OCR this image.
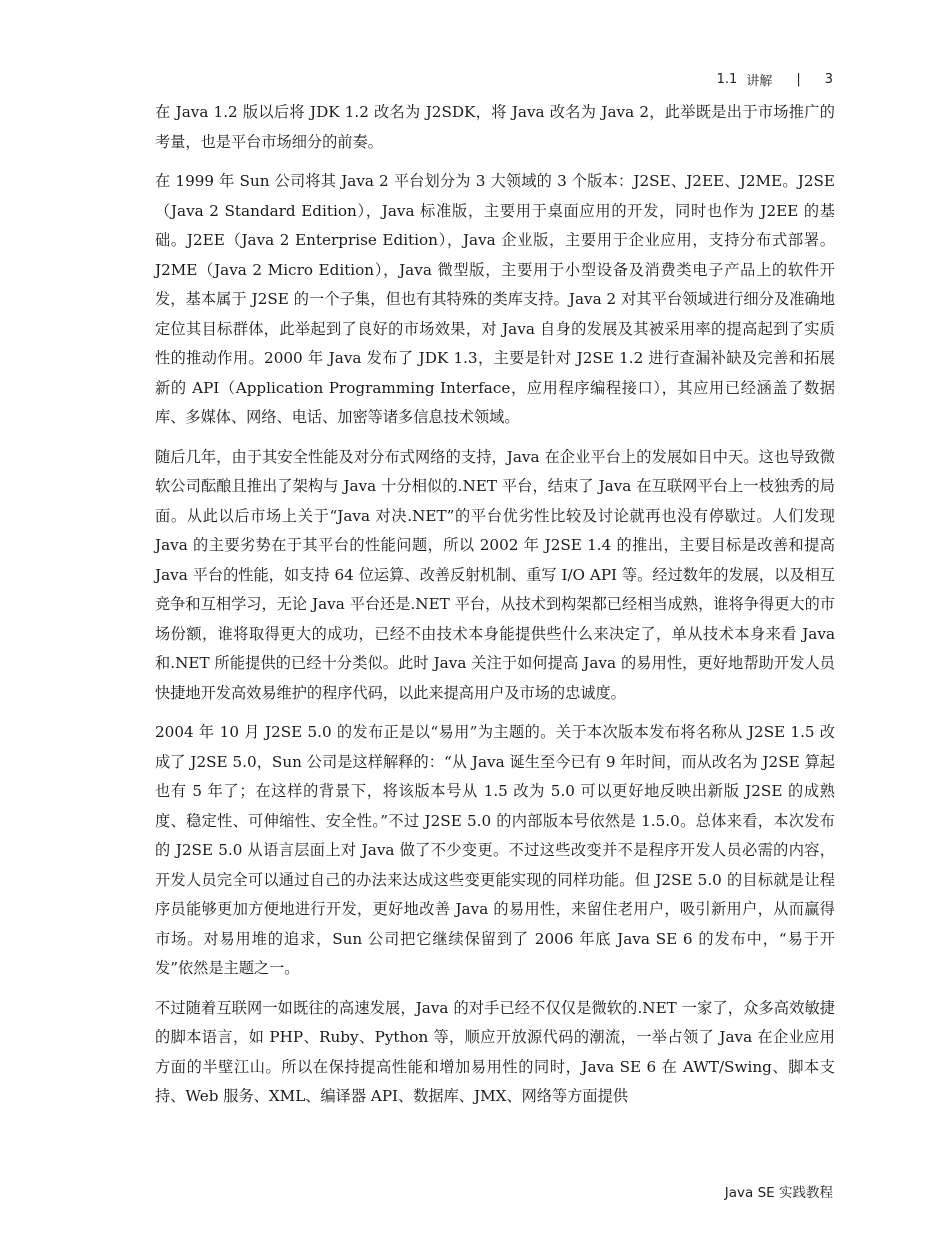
1.1 讲解 | 3

在 Java 1.2 版以后将 JDK 1.2 改名为 J2SDK，将 Java 改名为 Java 2，此举既是出于市场推广的考量，也是平台市场细分的前奏。

在 1999 年 Sun 公司将其 Java 2 平台划分为 3 大领域的 3 个版本：J2SE、J2EE、J2ME。J2SE（Java 2 Standard Edition），Java 标准版，主要用于桌面应用的开发，同时也作为 J2EE 的基础。J2EE（Java 2 Enterprise Edition），Java 企业版，主要用于企业应用，支持分布式部署。J2ME（Java 2 Micro Edition），Java 微型版，主要用于小型设备及消费类电子产品上的软件开发，基本属于 J2SE 的一个子集，但也有其特殊的类库支持。Java 2 对其平台领域进行细分及准确地定位其目标群体，此举起到了良好的市场效果，对 Java 自身的发展及其被采用率的提高起到了实质性的推动作用。2000 年 Java 发布了 JDK 1.3，主要是针对 J2SE 1.2 进行查漏补缺及完善和拓展新的 API（Application Programming Interface，应用程序编程接口），其应用已经涵盖了数据库、多媒体、网络、电话、加密等诸多信息技术领域。

随后几年，由于其安全性能及对分布式网络的支持，Java 在企业平台上的发展如日中天。这也导致微软公司酝酿且推出了架构与 Java 十分相似的.NET 平台，结束了 Java 在互联网平台上一枝独秀的局面。从此以后市场上关于“Java 对决.NET”的平台优劣性比较及讨论就再也没有停歇过。人们发现 Java 的主要劣势在于其平台的性能问题，所以 2002 年 J2SE 1.4 的推出，主要目标是改善和提高 Java 平台的性能，如支持 64 位运算、改善反射机制、重写 I/O API 等。经过数年的发展，以及相互竞争和互相学习，无论 Java 平台还是.NET 平台，从技术到构架都已经相当成熟，谁将争得更大的市场份额，谁将取得更大的成功，已经不由技术本身能提供些什么来决定了，单从技术本身来看 Java 和.NET 所能提供的已经十分类似。此时 Java 关注于如何提高 Java 的易用性，更好地帮助开发人员快捷地开发高效易维护的程序代码，以此来提高用户及市场的忠诚度。

2004 年 10 月 J2SE 5.0 的发布正是以“易用”为主题的。关于本次版本发布将名称从 J2SE 1.5 改成了 J2SE 5.0，Sun 公司是这样解释的：“从 Java 诞生至今已有 9 年时间，而从改名为 J2SE 算起也有 5 年了；在这样的背景下，将该版本号从 1.5 改为 5.0 可以更好地反映出新版 J2SE 的成熟度、稳定性、可伸缩性、安全性。”不过 J2SE 5.0 的内部版本号依然是 1.5.0。总体来看，本次发布的 J2SE 5.0 从语言层面上对 Java 做了不少变更。不过这些改变并不是程序开发人员必需的内容，开发人员完全可以通过自己的办法来达成这些变更能实现的同样功能。但 J2SE 5.0 的目标就是让程序员能够更加方便地进行开发，更好地改善 Java 的易用性，来留住老用户，吸引新用户，从而赢得市场。对易用堆的追求，Sun 公司把它继续保留到了 2006 年底 Java SE 6 的发布中，“易于开发”依然是主题之一。

不过随着互联网一如既往的高速发展，Java 的对手已经不仅仅是微软的.NET 一家了，众多高效敏捷的脚本语言，如 PHP、Ruby、Python 等，顺应开放源代码的潮流，一举占领了 Java 在企业应用方面的半壁江山。所以在保持提高性能和增加易用性的同时，Java SE 6 在 AWT/Swing、脚本支持、Web 服务、XML、编译器 API、数据库、JMX、网络等方面提供

Java SE 实践教程
